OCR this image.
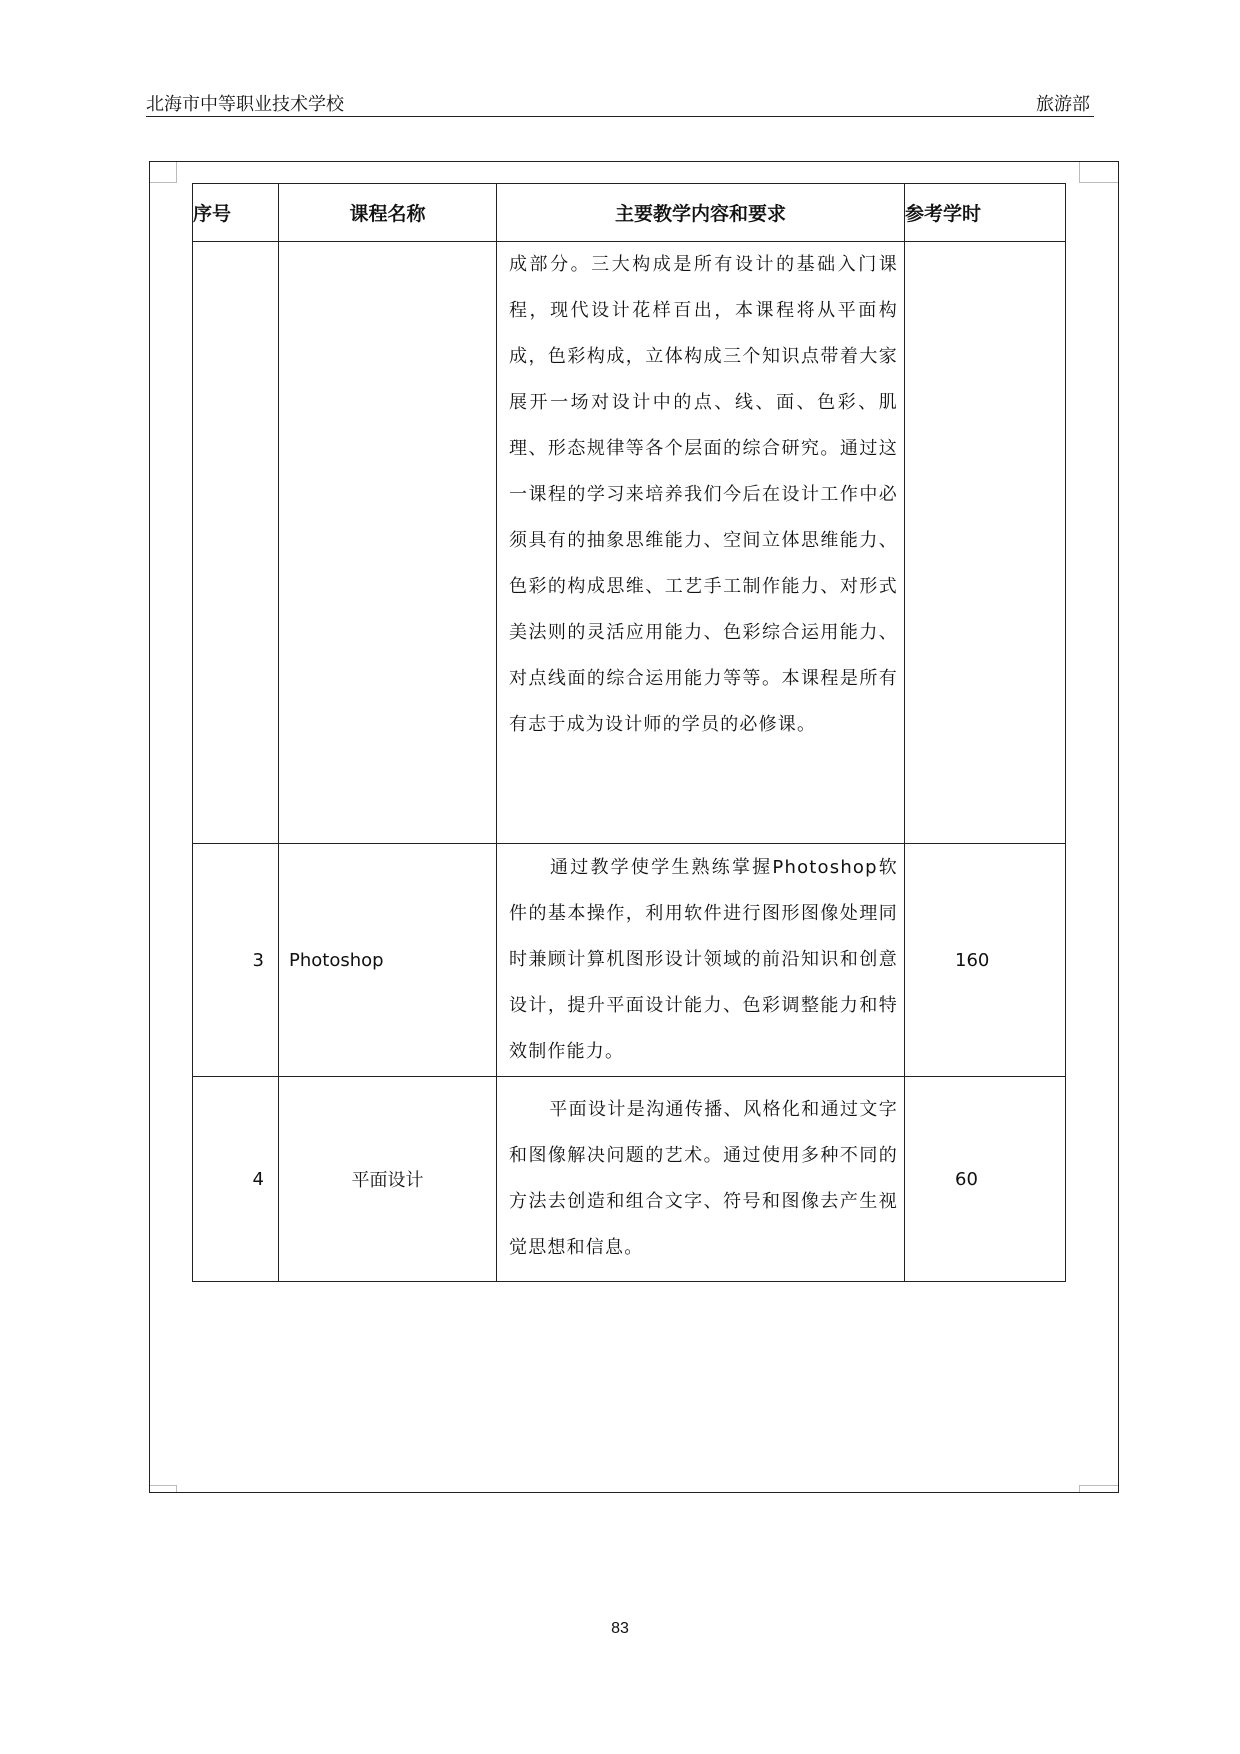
北海市中等职业技术学校	旅游部
序号	课程名称	主要教学内容和要求	参考学时
		成部分。三大构成是所有设计的基础入门课程，现代设计花样百出，本课程将从平面构成，色彩构成，立体构成三个知识点带着大家展开一场对设计中的点、线、面、色彩、肌理、形态规律等各个层面的综合研究。通过这一课程的学习来培养我们今后在设计工作中必须具有的抽象思维能力、空间立体思维能力、色彩的构成思维、工艺手工制作能力、对形式美法则的灵活应用能力、色彩综合运用能力、对点线面的综合运用能力等等。本课程是所有有志于成为设计师的学员的必修课。	
3	Photoshop	通过教学使学生熟练掌握Photoshop软件的基本操作，利用软件进行图形图像处理同时兼顾计算机图形设计领域的前沿知识和创意设计，提升平面设计能力、色彩调整能力和特效制作能力。	160
4	平面设计	平面设计是沟通传播、风格化和通过文字和图像解决问题的艺术。通过使用多种不同的方法去创造和组合文字、符号和图像去产生视觉思想和信息。	60
83
